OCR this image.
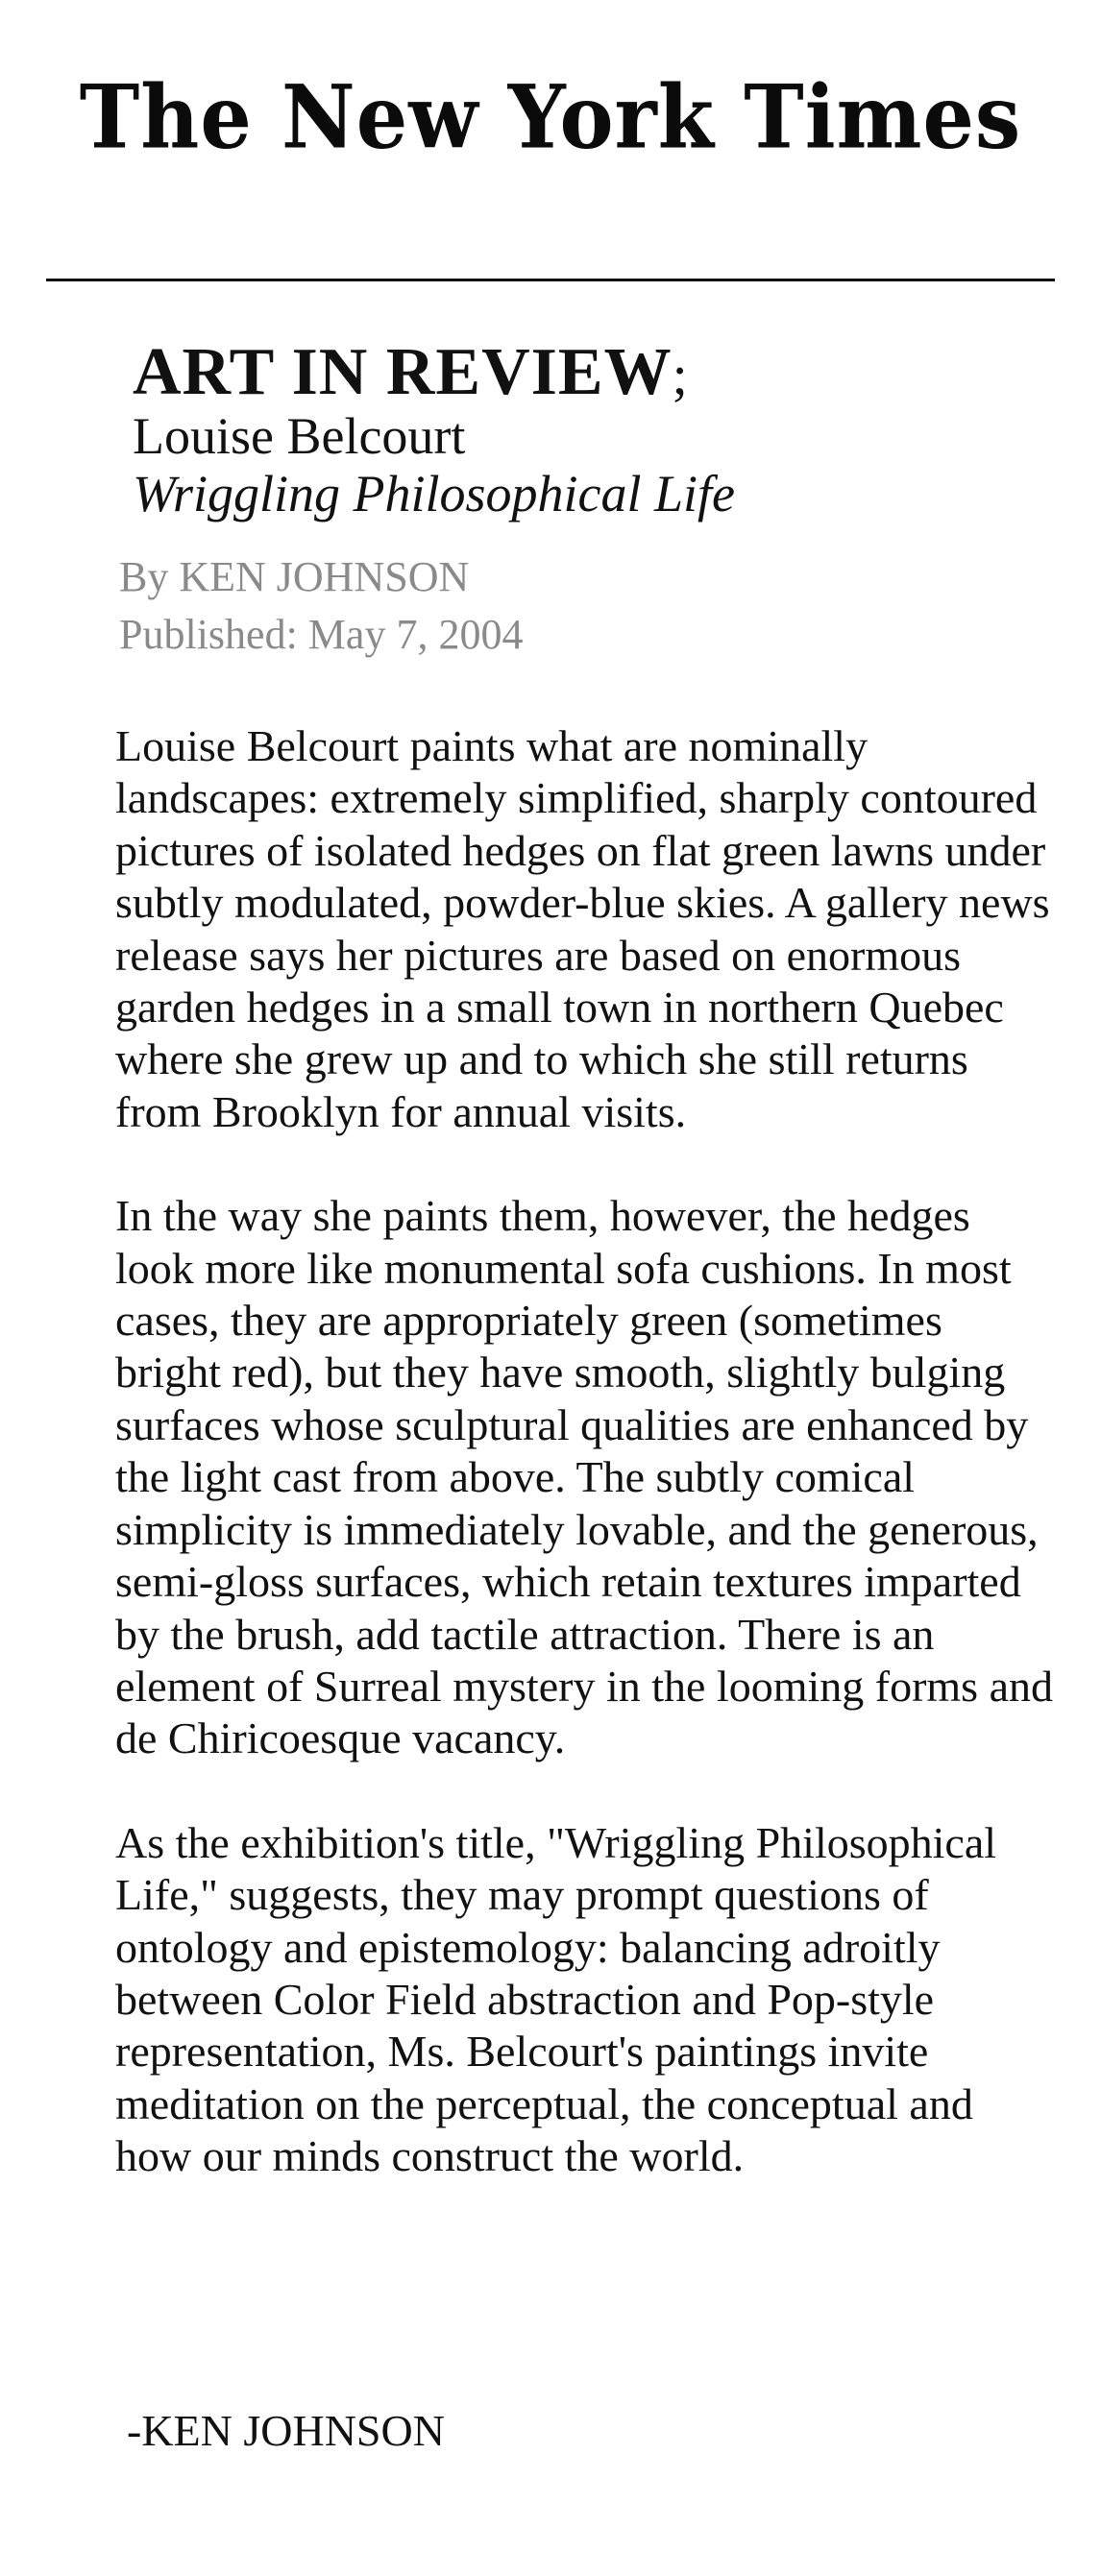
The New York Times
ART IN REVIEW;
Louise Belcourt
Wriggling Philosophical Life
By KEN JOHNSON
Published: May 7, 2004

Louise Belcourt paints what are nominally landscapes: extremely simplified, sharply contoured pictures of isolated hedges on flat green lawns under subtly modulated, powder-blue skies. A gallery news release says her pictures are based on enormous garden hedges in a small town in northern Quebec where she grew up and to which she still returns from Brooklyn for annual visits.

In the way she paints them, however, the hedges look more like monumental sofa cushions. In most cases, they are appropriately green (sometimes bright red), but they have smooth, slightly bulging surfaces whose sculptural qualities are enhanced by the light cast from above. The subtly comical simplicity is immediately lovable, and the generous, semi-gloss surfaces, which retain textures imparted by the brush, add tactile attraction. There is an element of Surreal mystery in the looming forms and de Chiricoesque vacancy.

As the exhibition's title, "Wriggling Philosophical Life," suggests, they may prompt questions of ontology and epistemology: balancing adroitly between Color Field abstraction and Pop-style representation, Ms. Belcourt's paintings invite meditation on the perceptual, the conceptual and how our minds construct the world.

-KEN JOHNSON
